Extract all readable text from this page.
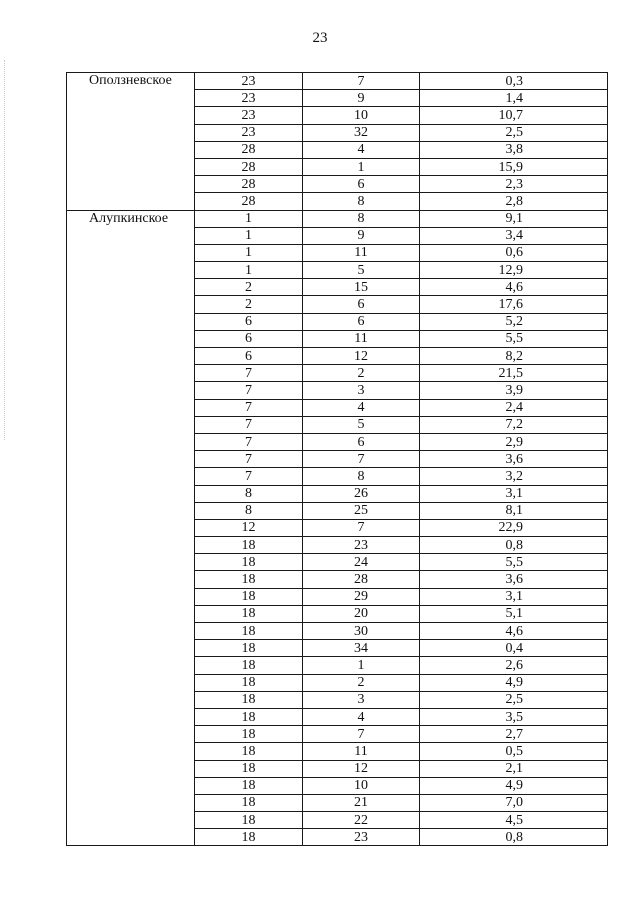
23
Оползневское	23	7	0,3
	23	9	1,4
	23	10	10,7
	23	32	2,5
	28	4	3,8
	28	1	15,9
	28	6	2,3
	28	8	2,8
Алупкинское	1	8	9,1
	1	9	3,4
	1	11	0,6
	1	5	12,9
	2	15	4,6
	2	6	17,6
	6	6	5,2
	6	11	5,5
	6	12	8,2
	7	2	21,5
	7	3	3,9
	7	4	2,4
	7	5	7,2
	7	6	2,9
	7	7	3,6
	7	8	3,2
	8	26	3,1
	8	25	8,1
	12	7	22,9
	18	23	0,8
	18	24	5,5
	18	28	3,6
	18	29	3,1
	18	20	5,1
	18	30	4,6
	18	34	0,4
	18	1	2,6
	18	2	4,9
	18	3	2,5
	18	4	3,5
	18	7	2,7
	18	11	0,5
	18	12	2,1
	18	10	4,9
	18	21	7,0
	18	22	4,5
	18	23	0,8
